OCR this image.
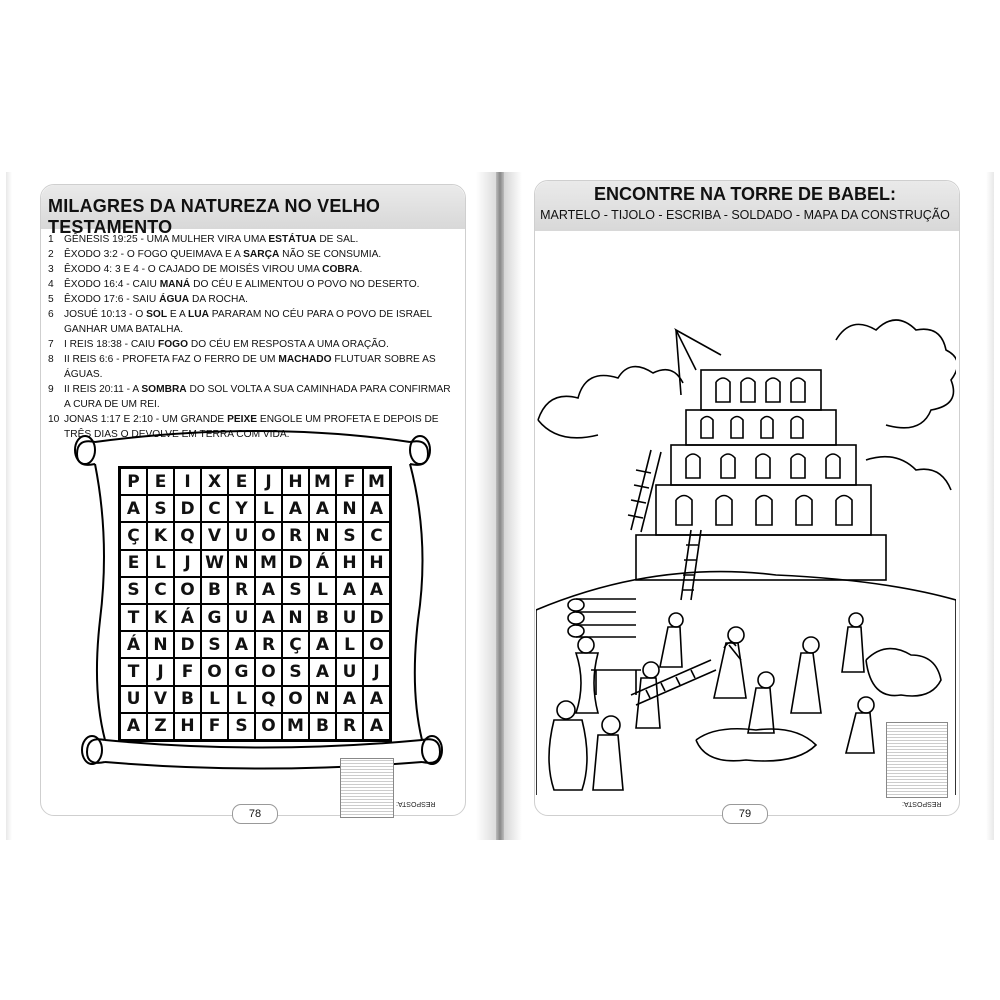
MILAGRES DA NATUREZA NO VELHO TESTAMENTO
1	GÊNESIS 19:25 - UMA MULHER VIRA UMA ESTÁTUA DE SAL.
2	ÊXODO 3:2 - O FOGO QUEIMAVA E A SARÇA NÃO SE CONSUMIA.
3	ÊXODO 4: 3 E 4 - O CAJADO DE MOISÉS VIROU UMA COBRA.
4	ÊXODO 16:4 - CAIU MANÁ DO CÉU E ALIMENTOU O POVO NO DESERTO.
5	ÊXODO 17:6 - SAIU ÁGUA DA ROCHA.
6	JOSUÉ 10:13 - O SOL E A LUA PARARAM NO CÉU PARA O POVO DE ISRAEL GANHAR UMA BATALHA.
7	I REIS 18:38 - CAIU FOGO DO CÉU EM RESPOSTA A UMA ORAÇÃO.
8	II REIS 6:6 - PROFETA FAZ O FERRO DE UM MACHADO FLUTUAR SOBRE AS ÁGUAS.
9	II REIS 20:11 - A SOMBRA DO SOL VOLTA A SUA CAMINHADA PARA CONFIRMAR A CURA DE UM REI.
10 JONAS 1:17 E 2:10 - UM GRANDE PEIXE ENGOLE UM PROFETA E DEPOIS DE TRÊS DIAS O DEVOLVE EM TERRA COM VIDA.
P E	I	X E	J H M F M
A S D C Y L A A N A
Ç K Q V U O R N S C
E L	J W N M D Á H H
S C O B R A S L A A
T K Á G U A N B U D
Á N D S A R Ç A L O
T	J	F O G O S A U J
U V B L L Q O N A A
A Z H F S O M B R A
RESPOSTA:
78
ENCONTRE NA TORRE DE BABEL:
MARTELO - TIJOLO - ESCRIBA - SOLDADO - MAPA DA CONSTRUÇÃO
RESPOSTA:
79
